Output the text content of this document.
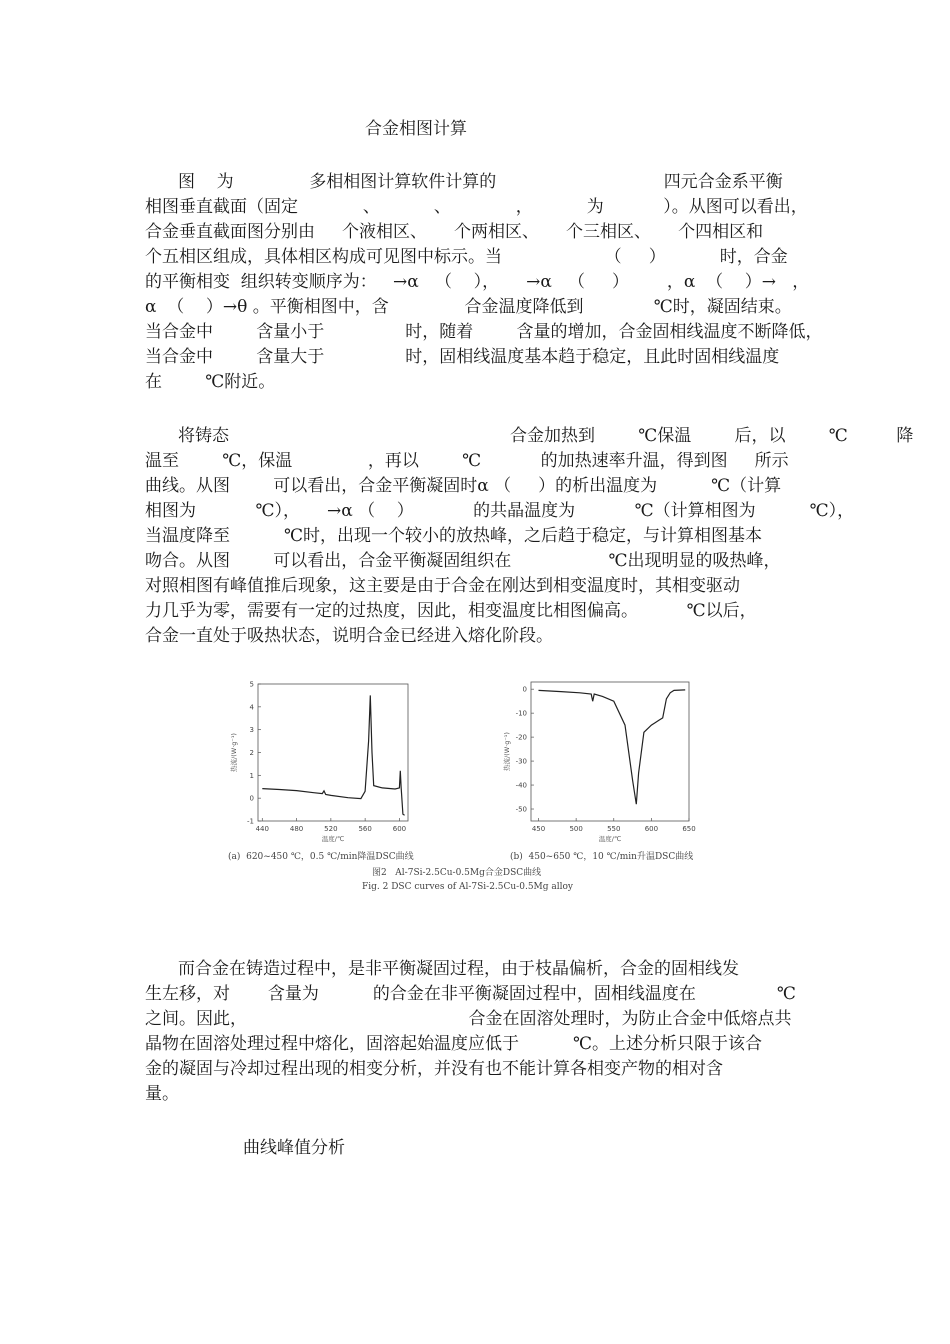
合金相图计算
图    为              多相相图计算软件计算的                               四元合金系平衡
相图垂直截面（固定            、          、            ，          为           ）。从图可以看出，
合金垂直截面图分别由     个液相区、     个两相区、     个三相区、     个四相区和
个五相区组成，具体相区构成可见图中标示。当                   （     ）          时，合金
的平衡相变  组织转变顺序为：   →α   （    ），     →α   （     ）       ，α  （    ）→   ，
α  （    ）→θ 。平衡相图中，含              合金温度降低到             ℃时，凝固结束。
当合金中        含量小于               时，随着        含量的增加，合金固相线温度不断降低，
当合金中        含量大于               时，固相线温度基本趋于稳定，且此时固相线温度
在        ℃附近。
将铸态                                                    合金加热到        ℃保温        后，以        ℃         降
温至        ℃，保温              ，再以        ℃           的加热速率升温，得到图     所示
曲线。从图        可以看出，合金平衡凝固时α （     ）的析出温度为          ℃（计算
相图为           ℃），     →α （    ）           的共晶温度为           ℃（计算相图为          ℃），
当温度降至          ℃时，出现一个较小的放热峰，之后趋于稳定，与计算相图基本
吻合。从图        可以看出，合金平衡凝固组织在                  ℃出现明显的吸热峰，
对照相图有峰值推后现象，这主要是由于合金在刚达到相变温度时，其相变驱动
力几乎为零，需要有一定的过热度，因此，相变温度比相图偏高。         ℃以后，
合金一直处于吸热状态，说明合金已经进入熔化阶段。
440	480	520	560	600
-1
0
1
2
3
4
5
温度/℃
热流/(W·g⁻¹)
450	500	550	600	650
0
-10
-20
-30
-40
-50
温度/℃
热流/(W·g⁻¹)
(a)  620~450 ℃，0.5 ℃/min降温DSC曲线	(b)  450~650 ℃，10 ℃/min升温DSC曲线
图2   Al-7Si-2.5Cu-0.5Mg合金DSC曲线
Fig. 2 DSC curves of Al-7Si-2.5Cu-0.5Mg alloy
而合金在铸造过程中，是非平衡凝固过程，由于枝晶偏析，合金的固相线发
生左移，对       含量为          的合金在非平衡凝固过程中，固相线温度在               ℃
之间。因此，                                         合金在固溶处理时，为防止合金中低熔点共
晶物在固溶处理过程中熔化，固溶起始温度应低于          ℃。上述分析只限于该合
金的凝固与冷却过程出现的相变分析，并没有也不能计算各相变产物的相对含
量。
曲线峰值分析
